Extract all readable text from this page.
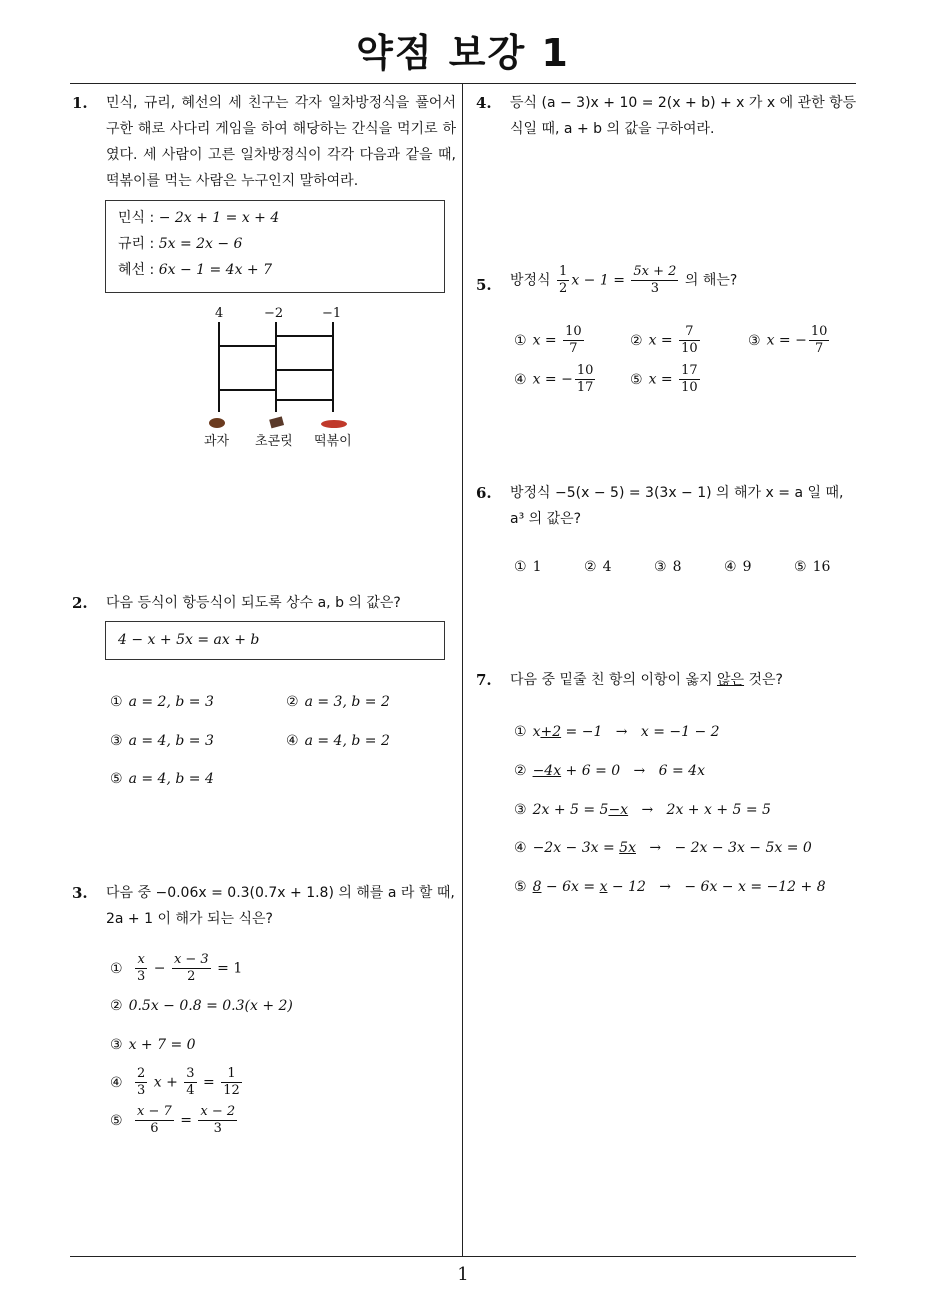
약점 보강 1
1
1. 민식, 규리, 혜선의 세 친구는 각자 일차방정식을 풀어서 구한 해로 사다리 게임을 하여 해당하는 간식을 먹기로 하였다. 세 사람이 고른 일차방정식이 각각 다음과 같을 때, 떡볶이를 먹는 사람은 누구인지 말하여라.
민식 : − 2x + 1 = x + 4
규리 : 5x = 2x − 6
혜선 : 6x − 1 = 4x + 7
4	−2	−1
과자 초콘릿 떡볶이
2. 다음 등식이 항등식이 되도록 상수 a, b 의 값은?
4 − x + 5x = ax + b
① a = 2, b = 3	② a = 3, b = 2
③ a = 4, b = 3	④ a = 4, b = 2
⑤ a = 4, b = 4
3. 다음 중 −0.06x = 0.3(0.7x + 1.8) 의 해를 a 라 할 때,
2a + 1 이 해가 되는 식은?
① $\frac{x}{3} - \frac{x - 3}{2} = 1$
② 0.5x − 0.8 = 0.3(x + 2)
③ x + 7 = 0
④ $\frac{2}{3}$ $x + \frac{3}{4} = \frac{1}{12}$
⑤ $\frac{x - 7}{6} = \frac{x - 2}{3}$
4. 등식 (a − 3)x + 10 = 2(x + b) + x 가 x 에 관한 항등
식일 때, a + b 의 값을 구하여라.
5. 방정식 $\frac{1}{2}$ $x - 1 = \frac{5x + 2}{3}$ 의 해는?
① $x = \frac{10}{7}$	② $x = \frac{7}{10}$	③ x = − $\frac{10}{7}$
④ x = − $\frac{10}{17}$ ⑤ $x = \frac{17}{10}$
6. 방정식 −5(x − 5) = 3(3x − 1) 의 해가 x = a 일 때,
a³ 의 값은?
① 1	② 4	③ 8	④ 9	⑤ 16
7. 다음 중 밑줄 친 항의 이항이 옳지 않은 것은?
① x+2 = −1 → x = −1 − 2
② −4x + 6 = 0 → 6 = 4x
③ 2x + 5 = 5−x → 2x + x + 5 = 5
④ −2x − 3x = 5x → − 2x − 3x − 5x = 0
⑤ 8 − 6x = x − 12 → − 6x − x = −12 + 8
